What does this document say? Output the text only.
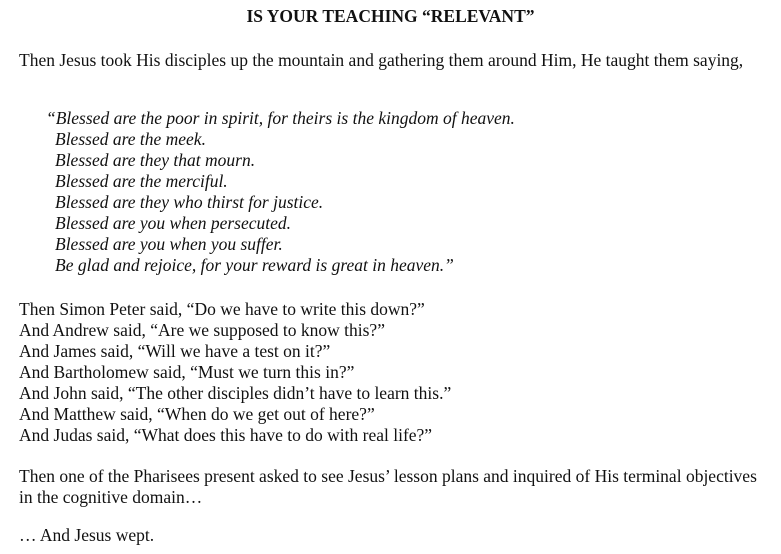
IS YOUR TEACHING “RELEVANT”

Then Jesus took His disciples up the mountain and gathering them around Him, He taught them saying,

“Blessed are the poor in spirit, for theirs is the kingdom of heaven.
Blessed are the meek.
Blessed are they that mourn.
Blessed are the merciful.
Blessed are they who thirst for justice.
Blessed are you when persecuted.
Blessed are you when you suffer.
Be glad and rejoice, for your reward is great in heaven.”
Then Simon Peter said, “Do we have to write this down?”
And Andrew said, “Are we supposed to know this?”
And James said, “Will we have a test on it?”
And Bartholomew said, “Must we turn this in?”
And John said, “The other disciples didn’t have to learn this.”
And Matthew said, “When do we get out of here?”
And Judas said, “What does this have to do with real life?”

Then one of the Pharisees present asked to see Jesus’ lesson plans and inquired of His terminal objectives in the cognitive domain…

… And Jesus wept.
